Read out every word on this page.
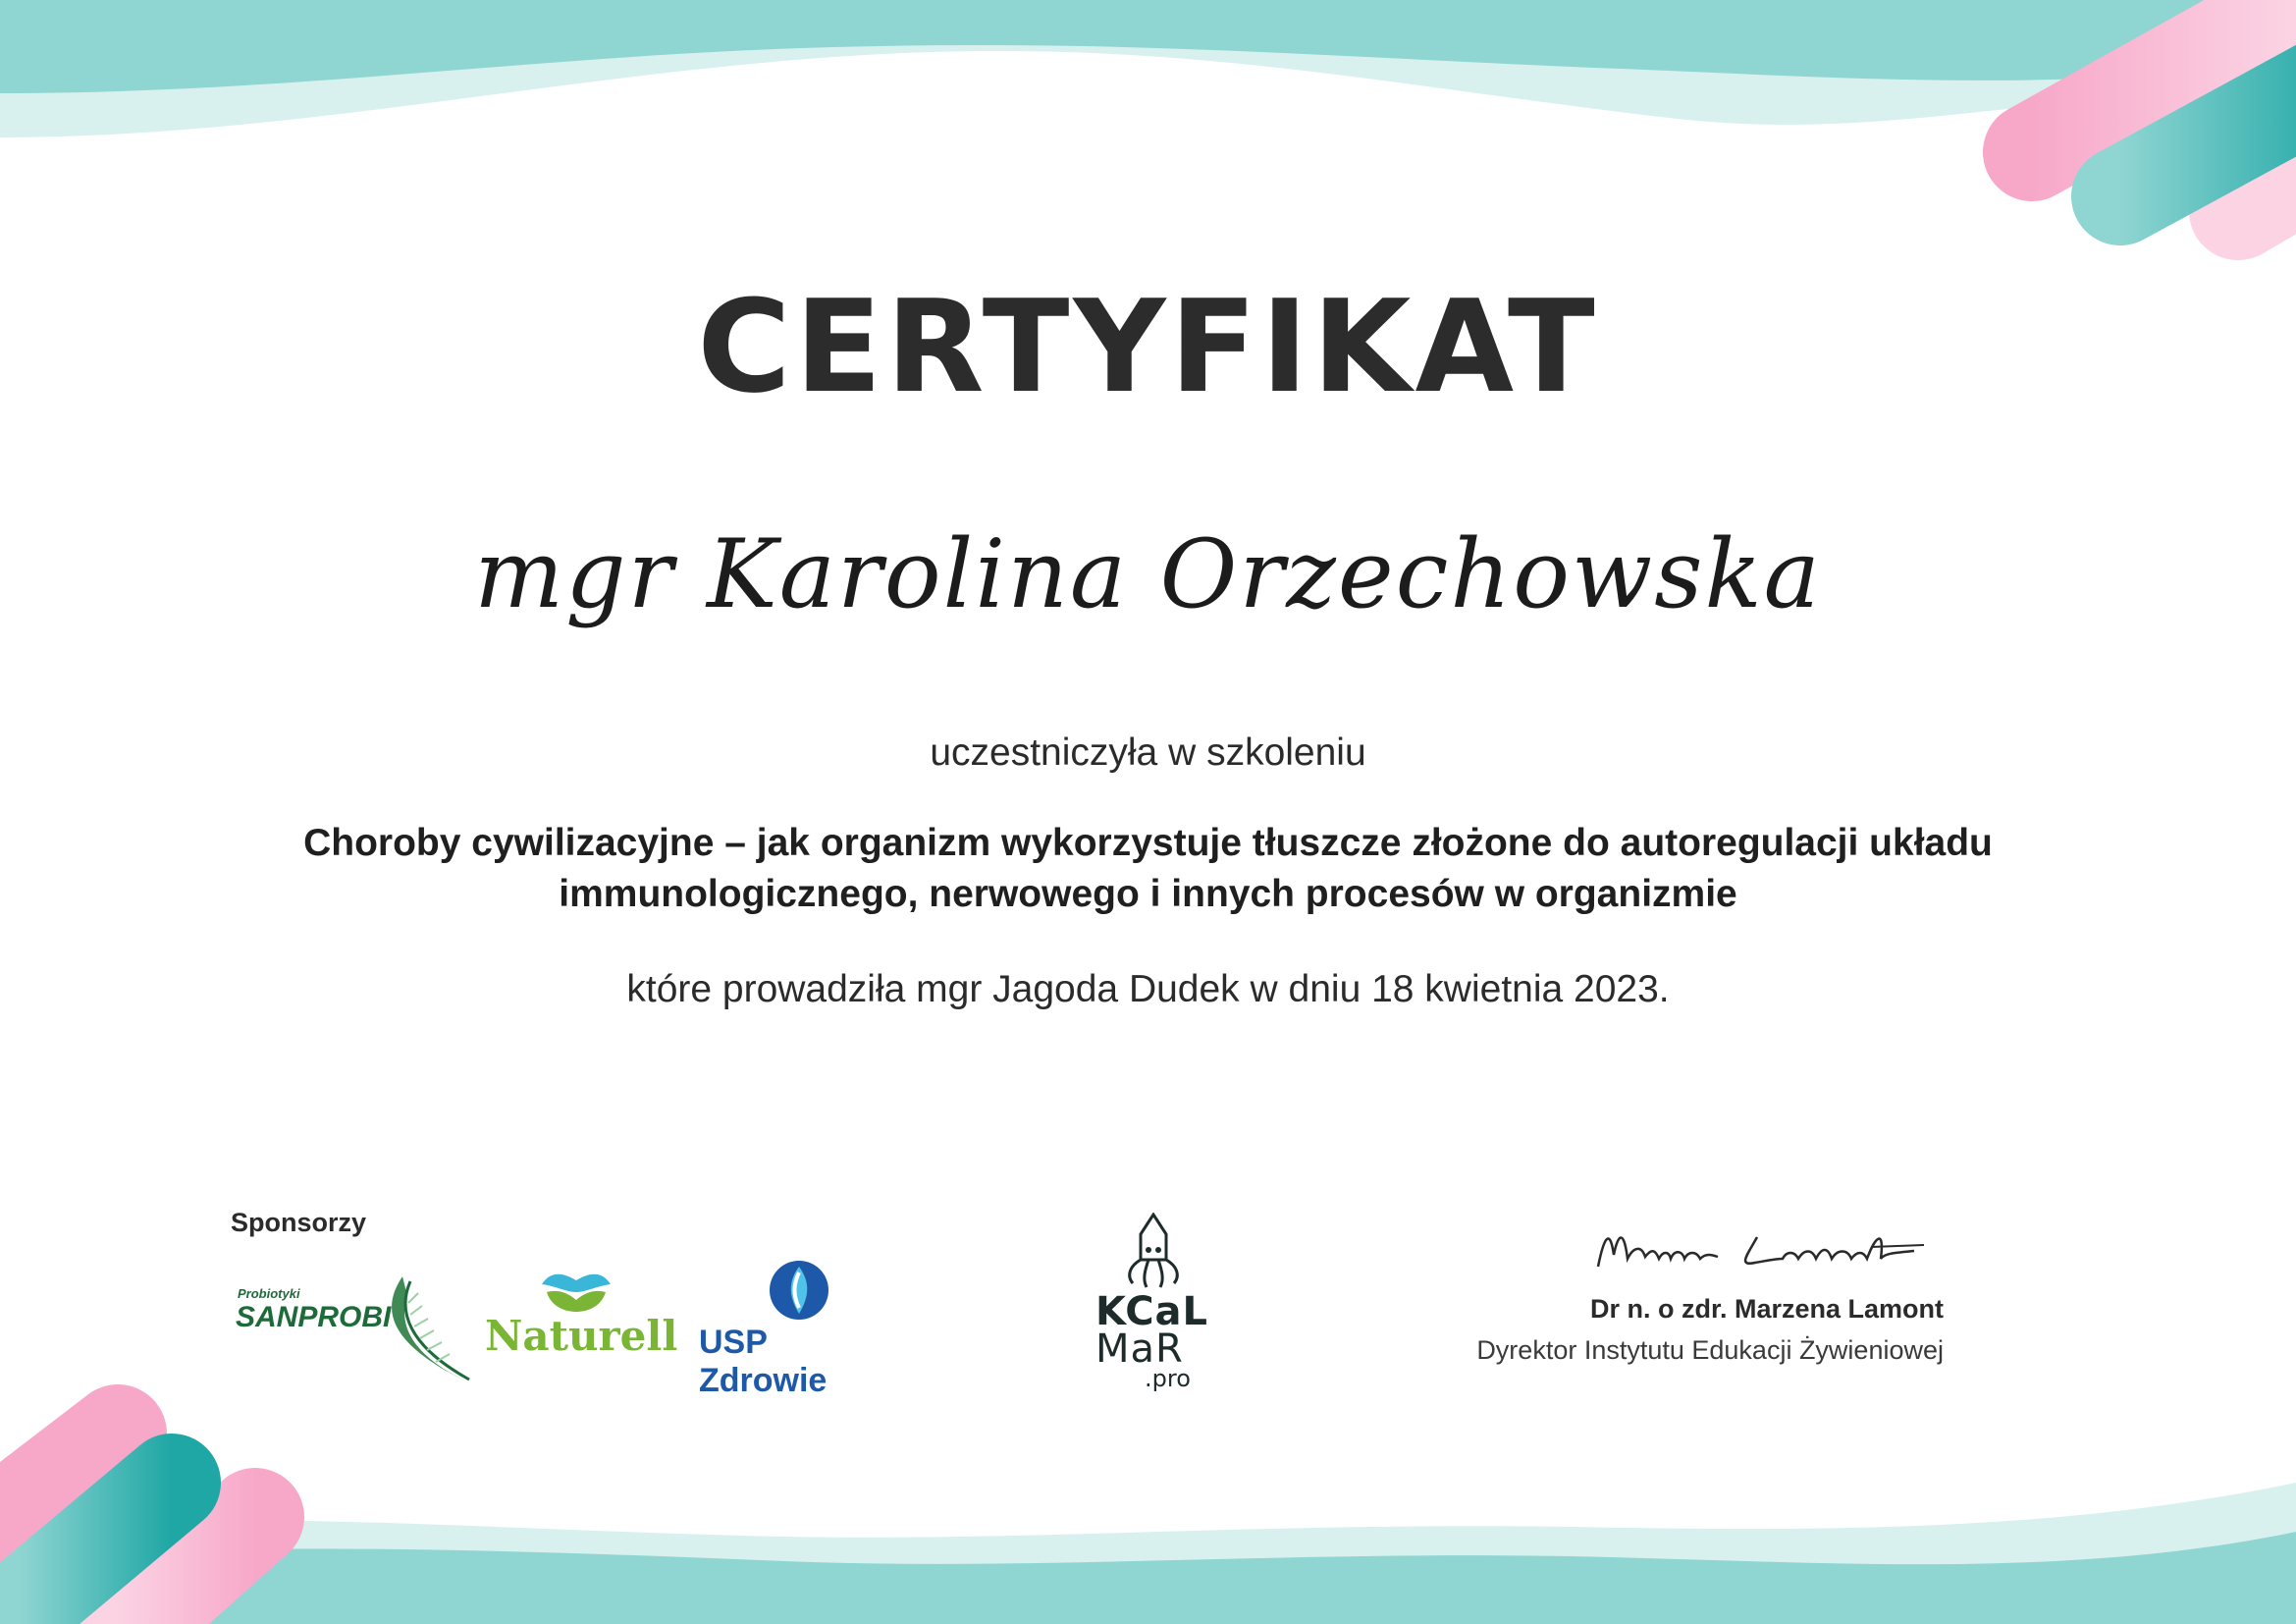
CERTYFIKAT
mgr Karolina Orzechowska
uczestniczyła w szkoleniu
Choroby cywilizacyjne – jak organizm wykorzystuje tłuszcze złożone do autoregulacji układu
immunologicznego, nerwowego i innych procesów w organizmie
które prowadziła mgr Jagoda Dudek w dniu 18 kwietnia 2023.
Sponsorzy
Probiotyki
SANPROBI Naturell USP Zdrowie
KCaL
MaR
.pro
Dr n. o zdr. Marzena Lamont
Dyrektor Instytutu Edukacji Żywieniowej
